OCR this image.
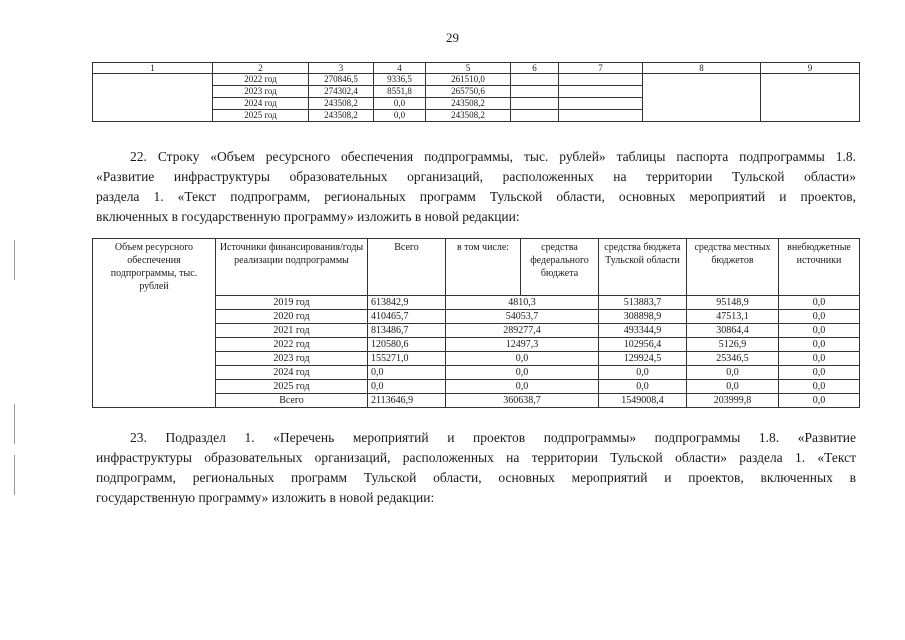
29
1	2	3	4	5	6	7	8	9
	2022 год	270846,5	9336,5	261510,0				
	2023 год	274302,4	8551,8	265750,6				
	2024 год	243508,2	0,0	243508,2				
	2025 год	243508,2	0,0	243508,2				
22. Строку «Объем ресурсного обеспечения подпрограммы, тыс. рублей» таблицы паспорта подпрограммы 1.8.
«Развитие инфраструктуры образовательных организаций, расположенных на территории Тульской области»
раздела 1. «Текст подпрограмм, региональных программ Тульской области, основных мероприятий и проектов,
включенных в государственную программу» изложить в новой редакции:
Объем ресурсного обеспечения подпрограммы, тыс. рублей	Источники финансирования/годы реализации подпрограммы	Всего	в том числе:	средства федерального бюджета	средства бюджета Тульской области	средства местных бюджетов	внебюджетные источники
	2019 год	613842,9	4810,3		513883,7	95148,9	0,0
	2020 год	410465,7	54053,7		308898,9	47513,1	0,0
	2021 год	813486,7	289277,4		493344,9	30864,4	0,0
	2022 год	120580,6	12497,3		102956,4	5126,9	0,0
	2023 год	155271,0	0,0		129924,5	25346,5	0,0
	2024 год	0,0	0,0		0,0	0,0	0,0
	2025 год	0,0	0,0		0,0	0,0	0,0
	Всего	2113646,9	360638,7		1549008,4	203999,8	0,0
23. Подраздел 1. «Перечень мероприятий и проектов подпрограммы» подпрограммы 1.8. «Развитие
инфраструктуры образовательных организаций, расположенных на территории Тульской области» раздела 1. «Текст
подпрограмм, региональных программ Тульской области, основных мероприятий и проектов, включенных в
государственную программу» изложить в новой редакции:
